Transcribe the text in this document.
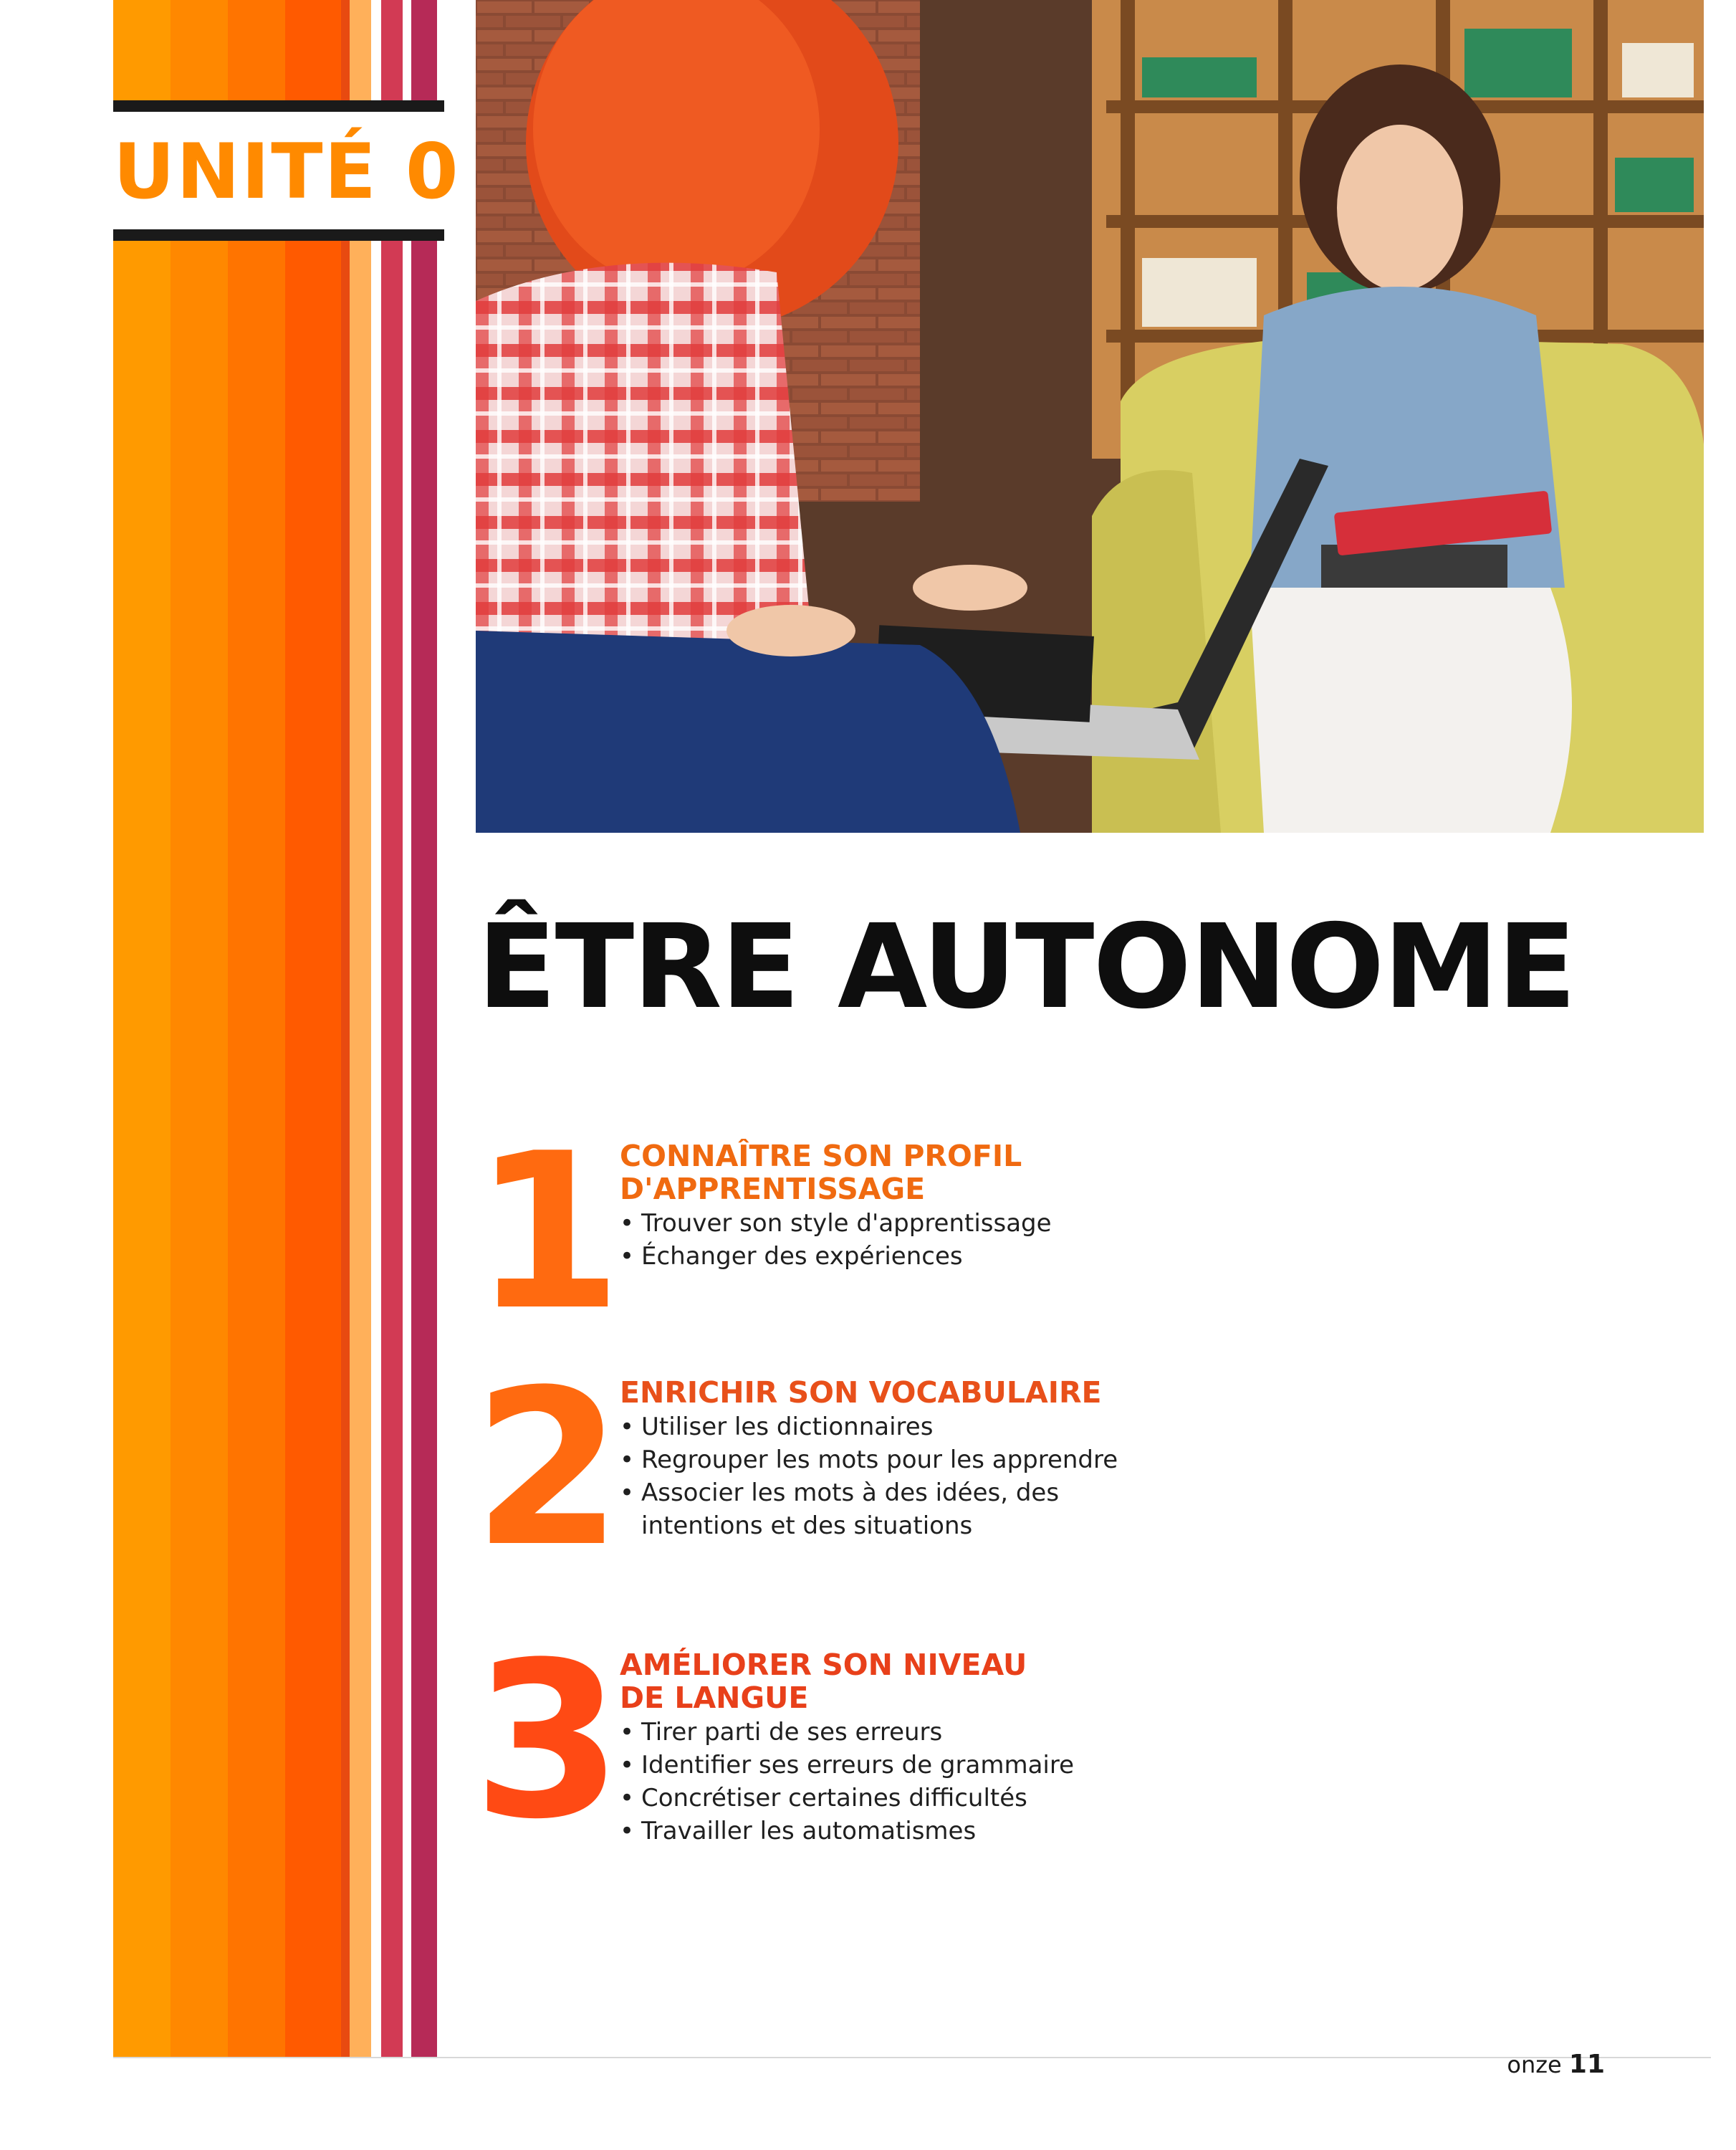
UNITÉ 0
ÊTRE AUTONOME
1
CONNAÎTRE SON PROFIL
D'APPRENTISSAGE
• Trouver son style d'apprentissage
• Échanger des expériences
2
ENRICHIR SON VOCABULAIRE
• Utiliser les dictionnaires
• Regrouper les mots pour les apprendre
• Associer les mots à des idées, des intentions et des situations
3
AMÉLIORER SON NIVEAU
DE LANGUE
• Tirer parti de ses erreurs
• Identifier ses erreurs de grammaire
• Concrétiser certaines difficultés
• Travailler les automatismes
onze 11
